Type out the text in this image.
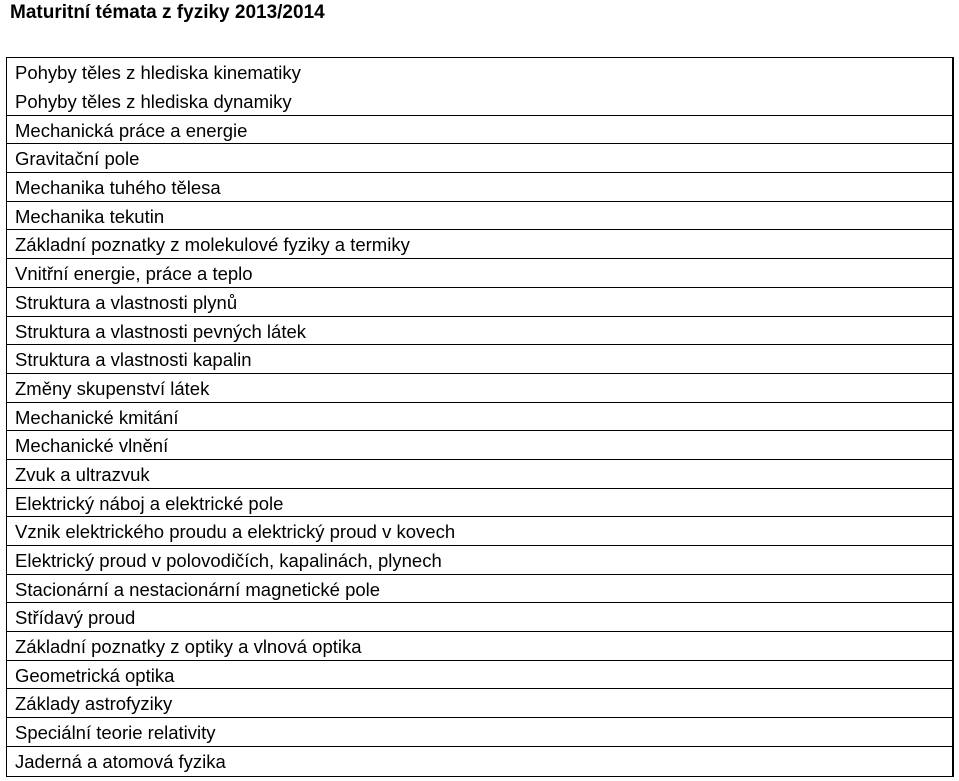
Maturitní témata z fyziky 2013/2014
Pohyby těles z hlediska kinematiky
Pohyby těles z hlediska dynamiky
Mechanická práce a energie
Gravitační pole
Mechanika tuhého tělesa
Mechanika tekutin
Základní poznatky z molekulové fyziky a termiky
Vnitřní energie, práce a teplo
Struktura a vlastnosti plynů
Struktura a vlastnosti pevných látek
Struktura a vlastnosti kapalin
Změny skupenství látek
Mechanické kmitání
Mechanické vlnění
Zvuk a ultrazvuk
Elektrický náboj a elektrické pole
Vznik elektrického proudu a elektrický proud v kovech
Elektrický proud v polovodičích, kapalinách, plynech
Stacionární a nestacionární magnetické pole
Střídavý proud
Základní poznatky z optiky a vlnová optika
Geometrická optika
Základy astrofyziky
Speciální teorie relativity
Jaderná a atomová fyzika
